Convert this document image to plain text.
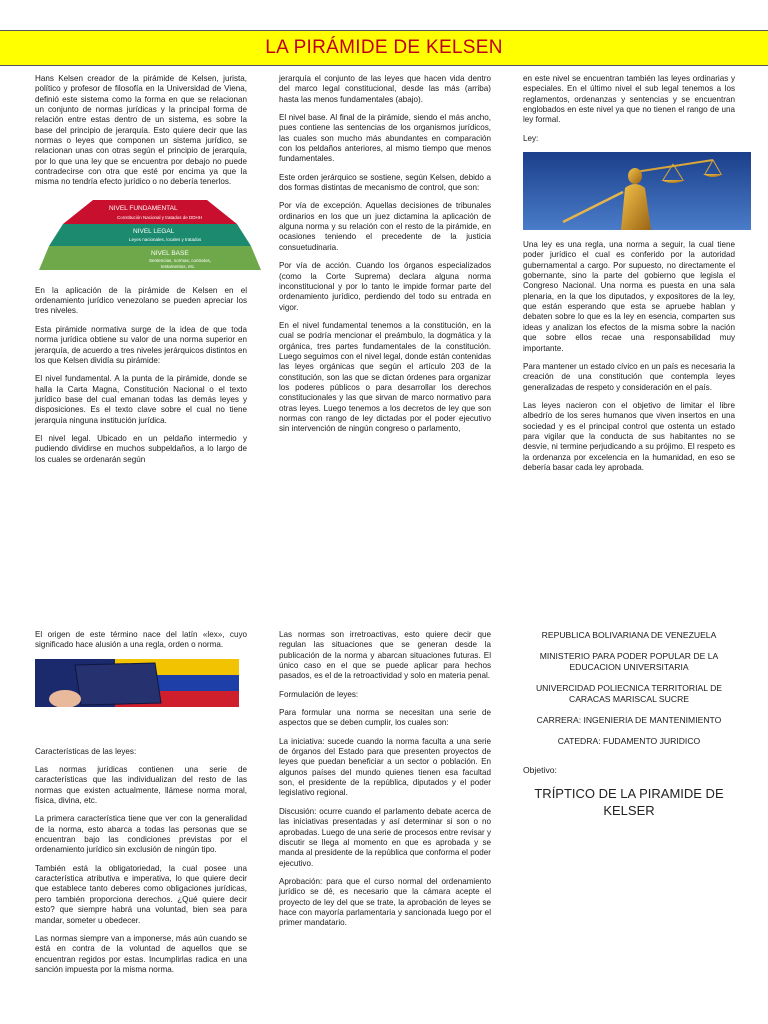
LA PIRÁMIDE DE KELSEN

Hans Kelsen creador de la pirámide de Kelsen, jurista, político y profesor de filosofía en la Universidad de Viena, definió este sistema como la forma en que se relacionan un conjunto de normas jurídicas y la principal forma de relación entre estas dentro de un sistema, es sobre la base del principio de jerarquía. Esto quiere decir que las normas o leyes que componen un sistema jurídico, se relacionan unas con otras según el principio de jerarquía, por lo que una ley que se encuentra por debajo no puede contradecirse con otra que esté por encima ya que la misma no tendría efecto jurídico o no debería tenerlos.

NIVEL FUNDAMENTAL
Constitución Nacional y tratados de DDHH
NIVEL LEGAL
Leyes nacionales, locales y tratados
NIVEL BASE
Sentencias, normas, contratos,
testamentos, etc.

En la aplicación de la pirámide de Kelsen en el ordenamiento jurídico venezolano se pueden apreciar los tres niveles.

Esta pirámide normativa surge de la idea de que toda norma jurídica obtiene su valor de una norma superior en jerarquía, de acuerdo a tres niveles jerárquicos distintos en los que Kelsen dividía su pirámide:

El nivel fundamental. A la punta de la pirámide, donde se halla la Carta Magna, Constitución Nacional o el texto jurídico base del cual emanan todas las demás leyes y disposiciones. Es el texto clave sobre el cual no tiene jerarquía ninguna institución jurídica.

El nivel legal. Ubicado en un peldaño intermedio y pudiendo dividirse en muchos subpeldaños, a lo largo de los cuales se ordenarán según

jerarquía el conjunto de las leyes que hacen vida dentro del marco legal constitucional, desde las más (arriba) hasta las menos fundamentales (abajo).

El nivel base. Al final de la pirámide, siendo el más ancho, pues contiene las sentencias de los organismos jurídicos, las cuales son mucho más abundantes en comparación con los peldaños anteriores, al mismo tiempo que menos fundamentales.

Este orden jerárquico se sostiene, según Kelsen, debido a dos formas distintas de mecanismo de control, que son:

Por vía de excepción. Aquellas decisiones de tribunales ordinarios en los que un juez dictamina la aplicación de alguna norma y su relación con el resto de la pirámide, en ocasiones teniendo el precedente de la justicia consuetudinaria.

Por vía de acción. Cuando los órganos especializados (como la Corte Suprema) declara alguna norma inconstitucional y por lo tanto le impide formar parte del ordenamiento jurídico, perdiendo del todo su entrada en vigor.

En el nivel fundamental tenemos a la constitución, en la cual se podría mencionar el preámbulo, la dogmática y la orgánica, tres partes fundamentales de la constitución. Luego seguimos con el nivel legal, donde están contenidas las leyes orgánicas que según el artículo 203 de la constitución, son las que se dictan órdenes para organizar los poderes públicos o para desarrollar los derechos constitucionales y las que sirvan de marco normativo para otras leyes. Luego tenemos a los decretos de ley que son normas con rango de ley dictadas por el poder ejecutivo sin intervención de ningún congreso o parlamento,

en este nivel se encuentran también las leyes ordinarias y especiales. En el último nivel el sub legal tenemos a los reglamentos, ordenanzas y sentencias y se encuentran englobados en este nivel ya que no tienen el rango de una ley formal.

Ley:

Una ley es una regla, una norma a seguir, la cual tiene poder jurídico el cual es conferido por la autoridad gubernamental a cargo. Por supuesto, no directamente el gobernante, sino la parte del gobierno que legisla el Congreso Nacional. Una norma es puesta en una sala plenaria, en la que los diputados, y expositores de la ley, que están esperando que esta se apruebe hablan y debaten sobre lo que es la ley en esencia, comparten sus ideas y analizan los efectos de la misma sobre la nación que sobre ellos recae una responsabilidad muy importante.

Para mantener un estado cívico en un país es necesaria la creación de una constitución que contempla leyes generalizadas de respeto y consideración en el país.

Las leyes nacieron con el objetivo de limitar el libre albedrío de los seres humanos que viven insertos en una sociedad y es el principal control que ostenta un estado para vigilar que la conducta de sus habitantes no se desvíe, ni termine perjudicando a su prójimo. El respeto es la ordenanza por excelencia en la humanidad, en eso se debería basar cada ley aprobada.

El origen de este término nace del latín «lex», cuyo significado hace alusión a una regla, orden o norma.

Características de las leyes:

Las normas jurídicas contienen una serie de características que las individualizan del resto de las normas que existen actualmente, llámese norma moral, física, divina, etc.

La primera característica tiene que ver con la generalidad de la norma, esto abarca a todas las personas que se encuentran bajo las condiciones previstas por el ordenamiento jurídico sin exclusión de ningún tipo.

También está la obligatoriedad, la cual posee una característica atributiva e imperativa, lo que quiere decir que establece tanto deberes como obligaciones jurídicas, pero también proporciona derechos. ¿Qué quiere decir esto? que siempre habrá una voluntad, bien sea para mandar, someter u obedecer.

Las normas siempre van a imponerse, más aún cuando se está en contra de la voluntad de aquellos que se encuentran regidos por estas. Incumplirlas radica en una sanción impuesta por la misma norma.

Las normas son irretroactivas, esto quiere decir que regulan las situaciones que se generan desde la publicación de la norma y abarcan situaciones futuras. El único caso en el que se puede aplicar para hechos pasados, es el de la retroactividad y solo en materia penal.

Formulación de leyes:

Para formular una norma se necesitan una serie de aspectos que se deben cumplir, los cuales son:

La iniciativa: sucede cuando la norma faculta a una serie de órganos del Estado para que presenten proyectos de leyes que puedan beneficiar a un sector o población. En algunos países del mundo quienes tienen esa facultad son, el presidente de la república, diputados y el poder legislativo regional.

Discusión: ocurre cuando el parlamento debate acerca de las iniciativas presentadas y así determinar si son o no aprobadas. Luego de una serie de procesos entre revisar y discutir se llega al momento en que es aprobada y se manda al presidente de la república que conforma el poder ejecutivo.

Aprobación: para que el curso normal del ordenamiento jurídico se dé, es necesario que la cámara acepte el proyecto de ley del que se trate, la aprobación de leyes se hace con mayoría parlamentaria y sancionada luego por el primer mandatario.

REPUBLICA BOLIVARIANA DE VENEZUELA

MINISTERIO PARA PODER POPULAR DE LA EDUCACION UNIVERSITARIA

UNIVERCIDAD POLIECNICA TERRITORIAL DE CARACAS MARISCAL SUCRE

CARRERA: INGENIERIA DE MANTENIMIENTO

CATEDRA: FUDAMENTO JURIDICO

Objetivo:
TRÍPTICO DE LA PIRAMIDE DE KELSER
